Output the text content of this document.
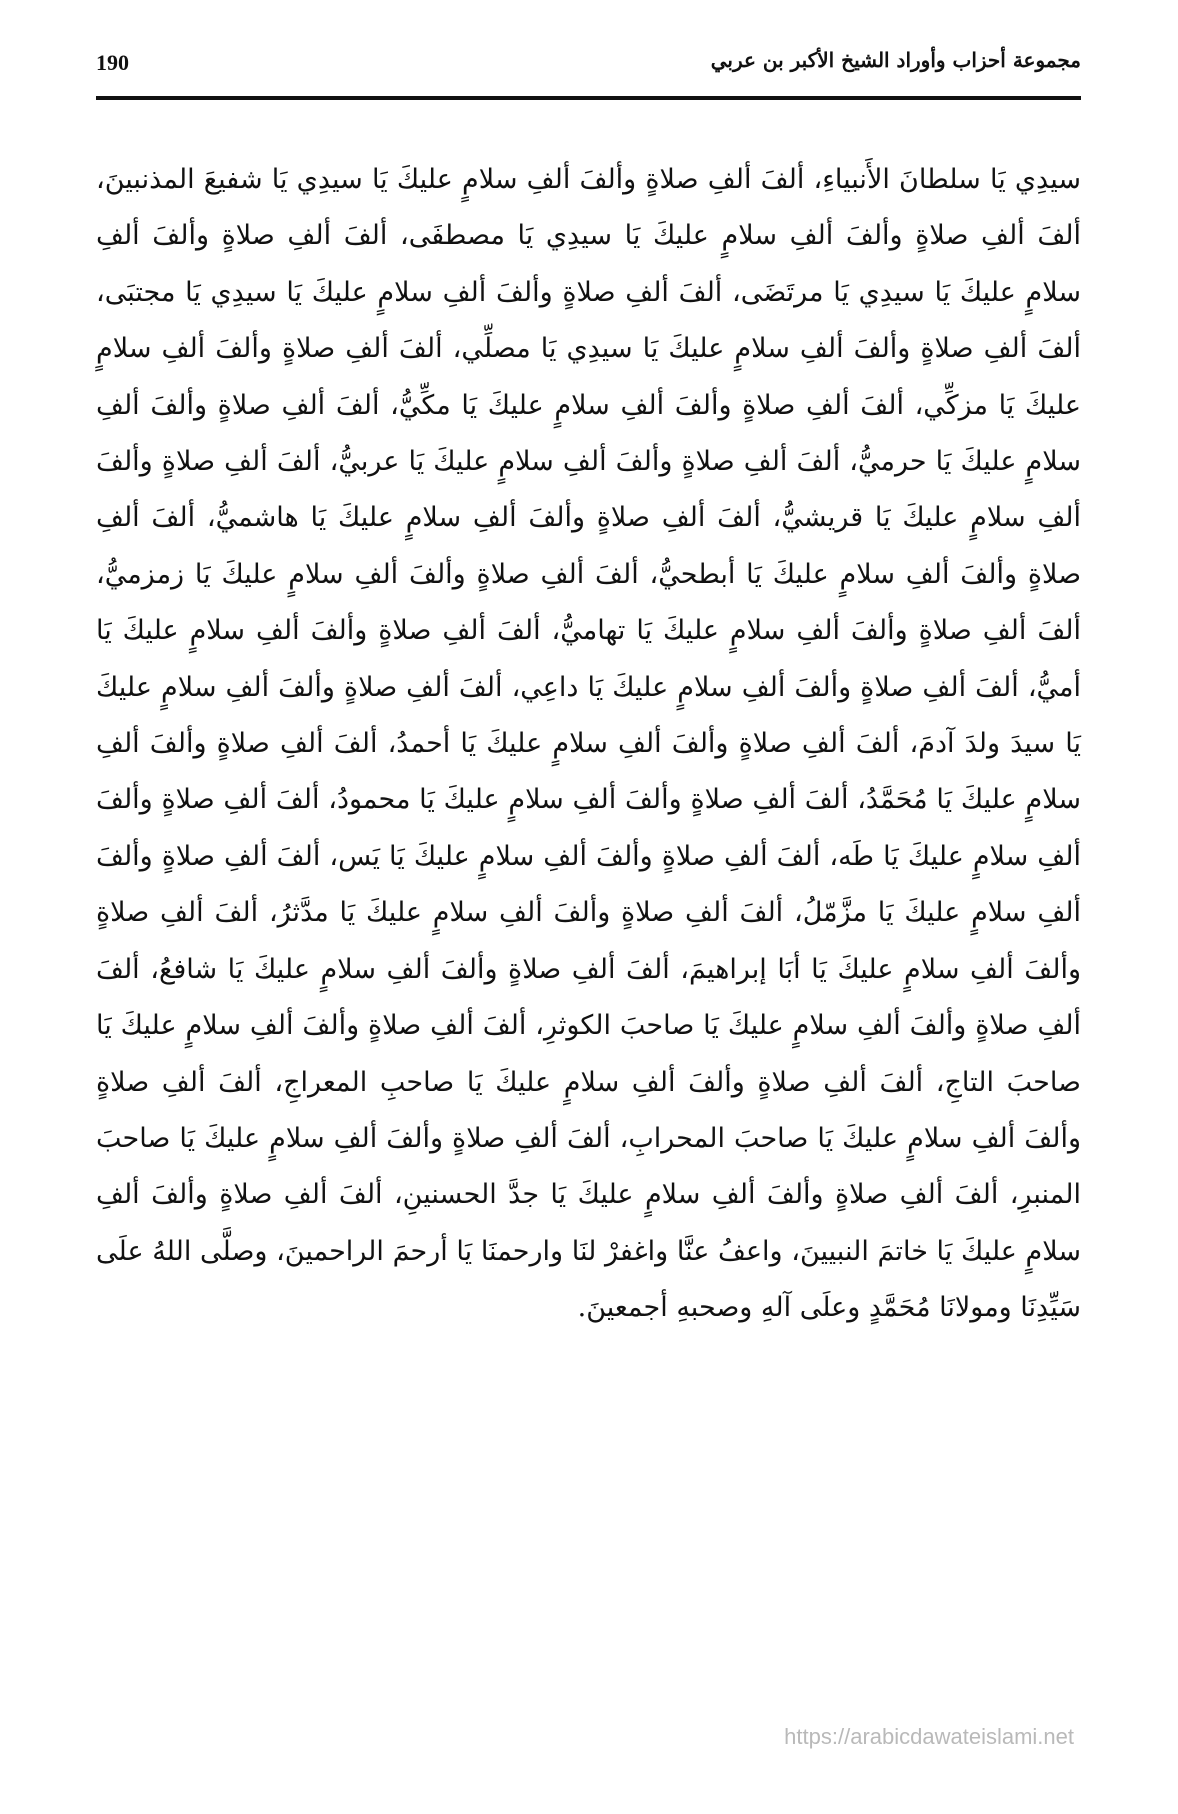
190	مجموعة أحزاب وأوراد الشيخ الأكبر بن عربي

سيدِي يَا سلطانَ الأَنبياءِ، ألفَ ألفِ صلاةٍ وألفَ ألفِ سلامٍ عليكَ يَا سيدِي يَا شفيعَ المذنبينَ، ألفَ ألفِ صلاةٍ وألفَ ألفِ سلامٍ عليكَ يَا سيدِي يَا مصطفَى، ألفَ ألفِ صلاةٍ وألفَ ألفِ سلامٍ عليكَ يَا سيدِي يَا مرتَضَى، ألفَ ألفِ صلاةٍ وألفَ ألفِ سلامٍ عليكَ يَا سيدِي يَا مجتبَى، ألفَ ألفِ صلاةٍ وألفَ ألفِ سلامٍ عليكَ يَا سيدِي يَا مصلِّي، ألفَ ألفِ صلاةٍ وألفَ ألفِ سلامٍ عليكَ يَا مزكِّي، ألفَ ألفِ صلاةٍ وألفَ ألفِ سلامٍ عليكَ يَا مكِّيُّ، ألفَ ألفِ صلاةٍ وألفَ ألفِ سلامٍ عليكَ يَا حرميُّ، ألفَ ألفِ صلاةٍ وألفَ ألفِ سلامٍ عليكَ يَا عربيُّ، ألفَ ألفِ صلاةٍ وألفَ ألفِ سلامٍ عليكَ يَا قريشيُّ، ألفَ ألفِ صلاةٍ وألفَ ألفِ سلامٍ عليكَ يَا هاشميُّ، ألفَ ألفِ صلاةٍ وألفَ ألفِ سلامٍ عليكَ يَا أبطحيُّ، ألفَ ألفِ صلاةٍ وألفَ ألفِ سلامٍ عليكَ يَا زمزميُّ، ألفَ ألفِ صلاةٍ وألفَ ألفِ سلامٍ عليكَ يَا تهاميُّ، ألفَ ألفِ صلاةٍ وألفَ ألفِ سلامٍ عليكَ يَا أميُّ، ألفَ ألفِ صلاةٍ وألفَ ألفِ سلامٍ عليكَ يَا داعِي، ألفَ ألفِ صلاةٍ وألفَ ألفِ سلامٍ عليكَ يَا سيدَ ولدَ آدمَ، ألفَ ألفِ صلاةٍ وألفَ ألفِ سلامٍ عليكَ يَا أحمدُ، ألفَ ألفِ صلاةٍ وألفَ ألفِ سلامٍ عليكَ يَا مُحَمَّدُ، ألفَ ألفِ صلاةٍ وألفَ ألفِ سلامٍ عليكَ يَا محمودُ، ألفَ ألفِ صلاةٍ وألفَ ألفِ سلامٍ عليكَ يَا طَه، ألفَ ألفِ صلاةٍ وألفَ ألفِ سلامٍ عليكَ يَا يَس، ألفَ ألفِ صلاةٍ وألفَ ألفِ سلامٍ عليكَ يَا مزَّمّلُ، ألفَ ألفِ صلاةٍ وألفَ ألفِ سلامٍ عليكَ يَا مدَّثرُ، ألفَ ألفِ صلاةٍ وألفَ ألفِ سلامٍ عليكَ يَا أبَا إبراهيمَ، ألفَ ألفِ صلاةٍ وألفَ ألفِ سلامٍ عليكَ يَا شافعُ، ألفَ ألفِ صلاةٍ وألفَ ألفِ سلامٍ عليكَ يَا صاحبَ الكوثرِ، ألفَ ألفِ صلاةٍ وألفَ ألفِ سلامٍ عليكَ يَا صاحبَ التاجِ، ألفَ ألفِ صلاةٍ وألفَ ألفِ سلامٍ عليكَ يَا صاحبِ المعراجِ، ألفَ ألفِ صلاةٍ وألفَ ألفِ سلامٍ عليكَ يَا صاحبَ المحرابِ، ألفَ ألفِ صلاةٍ وألفَ ألفِ سلامٍ عليكَ يَا صاحبَ المنبرِ، ألفَ ألفِ صلاةٍ وألفَ ألفِ سلامٍ عليكَ يَا جدَّ الحسنينِ، ألفَ ألفِ صلاةٍ وألفَ ألفِ سلامٍ عليكَ يَا خاتمَ النبيينَ، واعفُ عنَّا واغفرْ لنَا وارحمنَا يَا أرحمَ الراحمينَ، وصلَّى اللهُ علَى سَيِّدِنَا ومولانَا مُحَمَّدٍ وعلَى آلهِ وصحبهِ أجمعينَ.

https://arabicdawateislami.net
